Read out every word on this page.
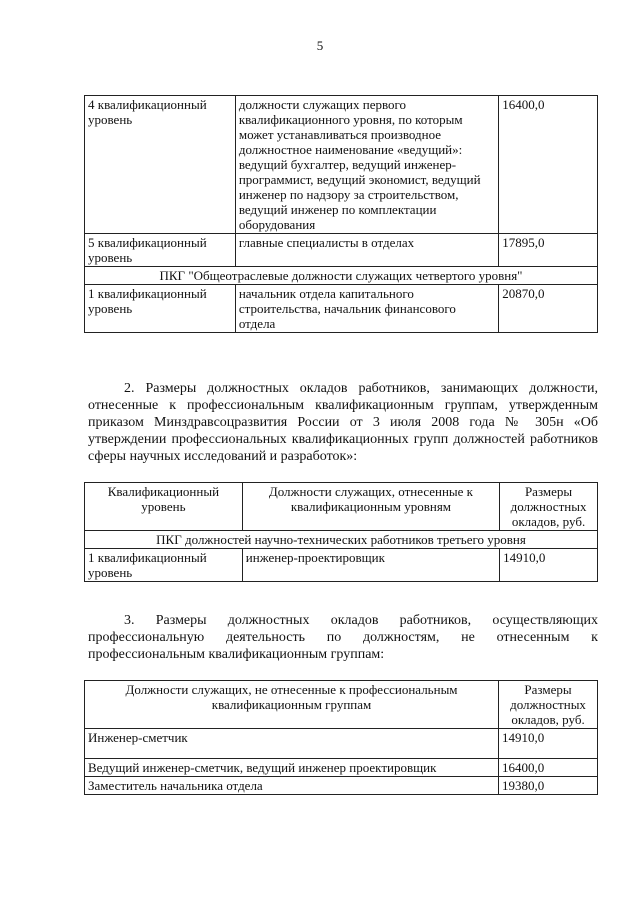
5
4 квалификационный уровень	должности служащих первого квалификационного уровня, по которым может устанавливаться производное должностное наименование «ведущий»: ведущий бухгалтер, ведущий инженер-программист, ведущий экономист, ведущий инженер по надзору за строительством, ведущий инженер по комплектации оборудования	16400,0
5 квалификационный уровень	главные специалисты в отделах	17895,0
ПКГ "Общеотраслевые должности служащих четвертого уровня"		
1 квалификационный уровень	начальник отдела капитального строительства, начальник финансового отдела	20870,0

2. Размеры должностных окладов работников, занимающих должности, отнесенные к профессиональным квалификационным группам, утвержденным приказом Минздравсоцразвития России от 3 июля 2008 года № 305н «Об утверждении профессиональных квалификационных групп должностей работников сферы научных исследований и разработок»:

Квалификационный уровень	Должности служащих, отнесенные к квалификационным уровням	Размеры должностных окладов, руб.
ПКГ должностей научно-технических работников третьего уровня		
1 квалификационный уровень	инженер-проектировщик	14910,0

3. Размеры должностных окладов работников, осуществляющих профессиональную деятельность по должностям, не отнесенным к профессиональным квалификационным группам:

Должности служащих, не отнесенные к профессиональным квалификационным группам	Размеры должностных окладов, руб.
Инженер-сметчик	14910,0
Ведущий инженер-сметчик, ведущий инженер проектировщик	16400,0
Заместитель начальника отдела	19380,0
